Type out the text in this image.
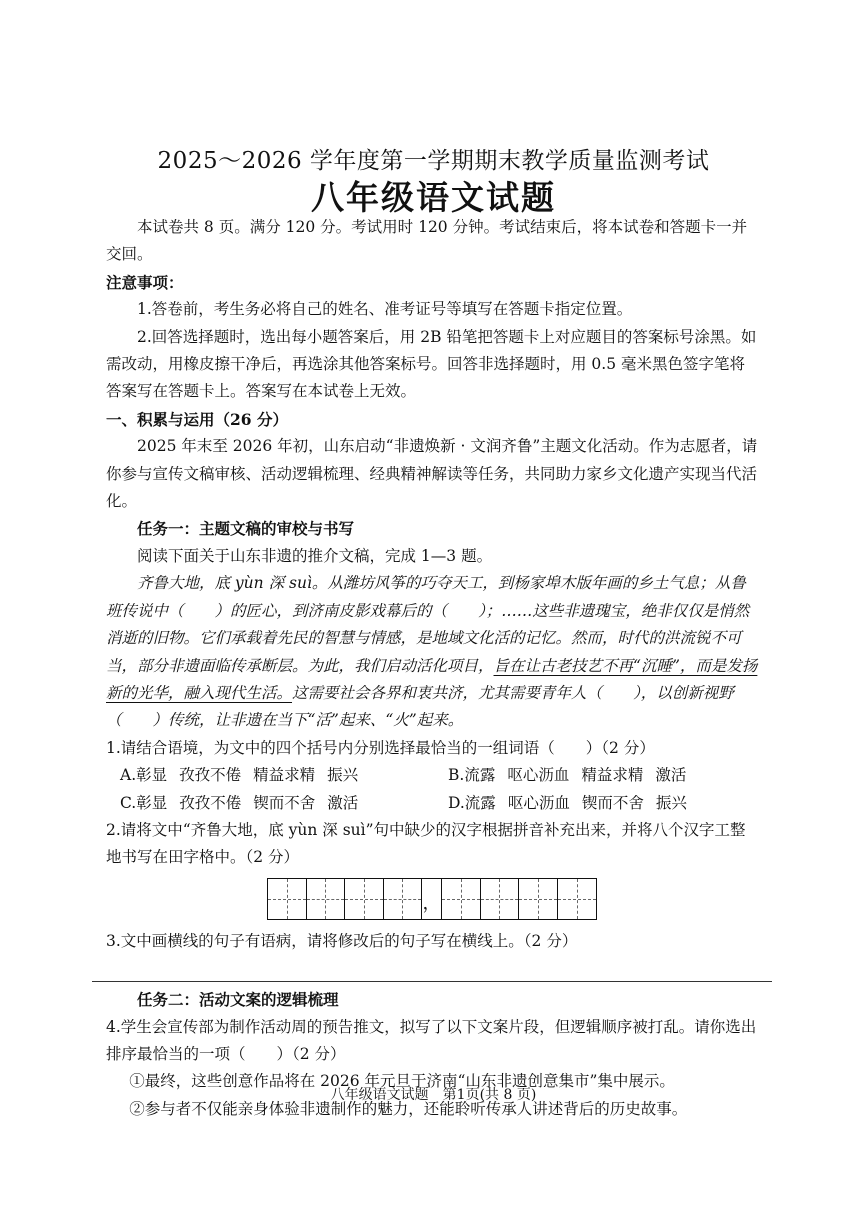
2025～2026 学年度第一学期期末教学质量监测考试
八年级语文试题

本试卷共 8 页。满分 120 分。考试用时 120 分钟。考试结束后，将本试卷和答题卡一并交回。

注意事项：

1.答卷前，考生务必将自己的姓名、准考证号等填写在答题卡指定位置。

2.回答选择题时，选出每小题答案后，用 2B 铅笔把答题卡上对应题目的答案标号涂黑。如需改动，用橡皮擦干净后，再选涂其他答案标号。回答非选择题时，用 0.5 毫米黑色签字笔将答案写在答题卡上。答案写在本试卷上无效。

一、积累与运用（26 分）

2025 年末至 2026 年初，山东启动“非遗焕新 · 文润齐鲁”主题文化活动。作为志愿者，请你参与宣传文稿审核、活动逻辑梳理、经典精神解读等任务，共同助力家乡文化遗产实现当代活化。

任务一：主题文稿的审校与书写

阅读下面关于山东非遗的推介文稿，完成 1—3 题。

齐鲁大地，底 yùn 深 suì。从潍坊风筝的巧夺天工，到杨家埠木版年画的乡土气息；从鲁班传说中（　　）的匠心，到济南皮影戏幕后的（　　）；……这些非遗瑰宝，绝非仅仅是悄然消逝的旧物。它们承载着先民的智慧与情感，是地域文化活的记忆。然而，时代的洪流锐不可当，部分非遗面临传承断层。为此，我们启动活化项目，旨在让古老技艺不再“沉睡”，而是发扬新的光华，融入现代生活。这需要社会各界和衷共济，尤其需要青年人（　　），以创新视野（　　）传统，让非遗在当下“活”起来、“火”起来。

1.请结合语境，为文中的四个括号内分别选择最恰当的一组词语（　　）（2 分）

A.彰显 孜孜不倦 精益求精 振兴	B.流露 呕心沥血 精益求精 激活
C.彰显 孜孜不倦 锲而不舍 激活	D.流露 呕心沥血 锲而不舍 振兴

2.请将文中“齐鲁大地，底 yùn 深 suì”句中缺少的汉字根据拼音补充出来，并将八个汉字工整地书写在田字格中。（2 分）

，

3.文中画横线的句子有语病，请将修改后的句子写在横线上。（2 分）

任务二：活动文案的逻辑梳理

4.学生会宣传部为制作活动周的预告推文，拟写了以下文案片段，但逻辑顺序被打乱。请你选出排序最恰当的一项（　　）（2 分）

①最终，这些创意作品将在 2026 年元旦于济南“山东非遗创意集市”集中展示。

②参与者不仅能亲身体验非遗制作的魅力，还能聆听传承人讲述背后的历史故事。

八年级语文试题　第1页(共 8 页)
